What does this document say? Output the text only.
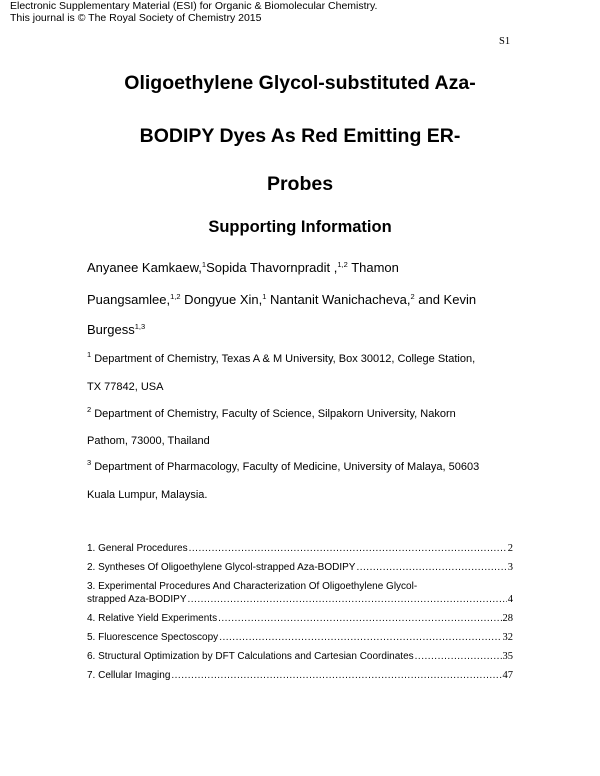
Electronic Supplementary Material (ESI) for Organic & Biomolecular Chemistry.
This journal is © The Royal Society of Chemistry 2015
S1
Oligoethylene Glycol-substituted Aza-
BODIPY Dyes As Red Emitting ER-
Probes
Supporting Information
Anyanee Kamkaew,$^1$Sopida Thavornpradit ,$^{1,2}$ Thamon
Puangsamlee,$^{1,2}$ Dongyue Xin,$^1$ Nantanit Wanichacheva,$^2$ and Kevin
Burgess$^{1,3}$
$^1$ Department of Chemistry, Texas A & M University, Box 30012, College Station,
TX 77842, USA
$^2$ Department of Chemistry, Faculty of Science, Silpakorn University, Nakorn
Pathom, 73000, Thailand
$^3$ Department of Pharmacology, Faculty of Medicine, University of Malaya, 50603
Kuala Lumpur, Malaysia.
1. General Procedures .....	2
2. Syntheses Of Oligoethylene Glycol-strapped Aza-BODIPY .....	3
3. Experimental Procedures And Characterization Of Oligoethylene Glycol-
strapped Aza-BODIPY .....	4
4. Relative Yield Experiments .....	28
5. Fluorescence Spectoscopy .....	32
6. Structural Optimization by DFT Calculations and Cartesian Coordinates .....	35
7. Cellular Imaging .....	47
